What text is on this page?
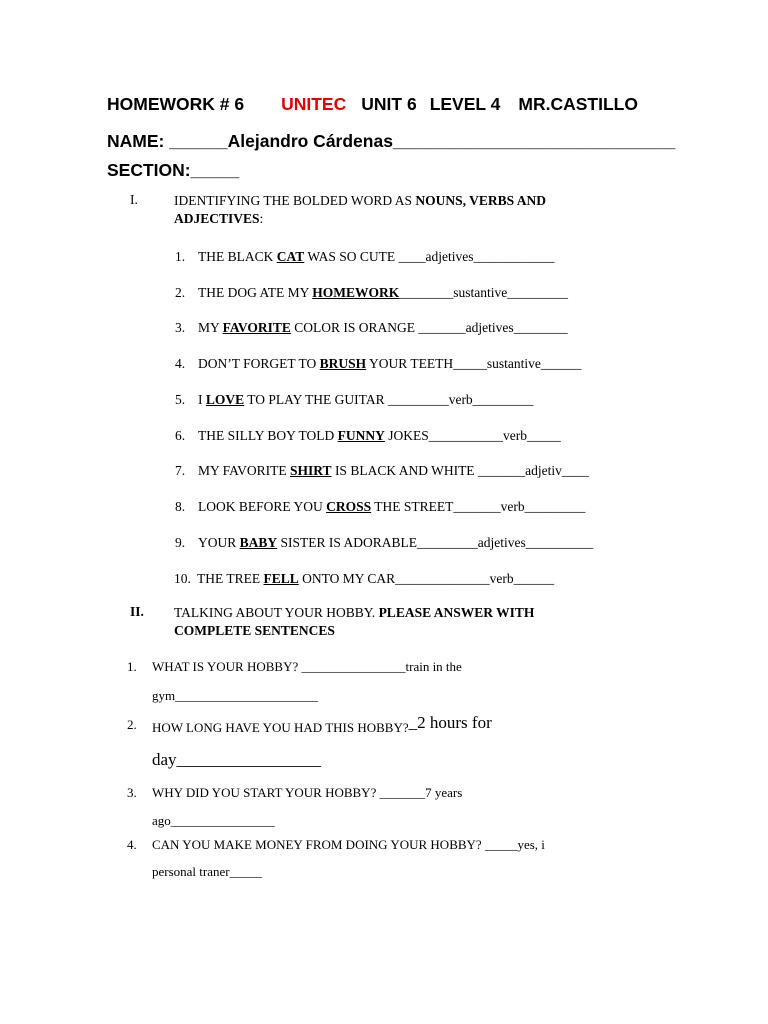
HOMEWORK # 6 UNITEC UNIT 6 LEVEL 4 MR.CASTILLO
NAME: ______Alejandro Cárdenas_____________________________
SECTION:_____
I.	IDENTIFYING THE BOLDED WORD AS NOUNS, VERBS AND
ADJECTIVES:
1. THE BLACK CAT WAS SO CUTE ____adjetives____________
2. THE DOG ATE MY HOMEWORK________sustantive_________
3. MY FAVORITE COLOR IS ORANGE _______adjetives________
4. DON’T FORGET TO BRUSH YOUR TEETH_____sustantive______
5. I LOVE TO PLAY THE GUITAR _________verb_________
6. THE SILLY BOY TOLD FUNNY JOKES___________verb_____
7. MY FAVORITE SHIRT IS BLACK AND WHITE _______adjetiv____
8. LOOK BEFORE YOU CROSS THE STREET_______verb_________
9. YOUR BABY SISTER IS ADORABLE_________adjetives__________
10. THE TREE FELL ONTO MY CAR______________verb______
II. TALKING ABOUT YOUR HOBBY. PLEASE ANSWER WITH
COMPLETE SENTENCES
1. WHAT IS YOUR HOBBY? ________________train in the
gym______________________
2. HOW LONG HAVE YOU HAD THIS HOBBY?_2 hours for
day_________________
3. WHY DID YOU START YOUR HOBBY? _______7 years
ago________________
4. CAN YOU MAKE MONEY FROM DOING YOUR HOBBY? _____yes, i
personal traner_____
